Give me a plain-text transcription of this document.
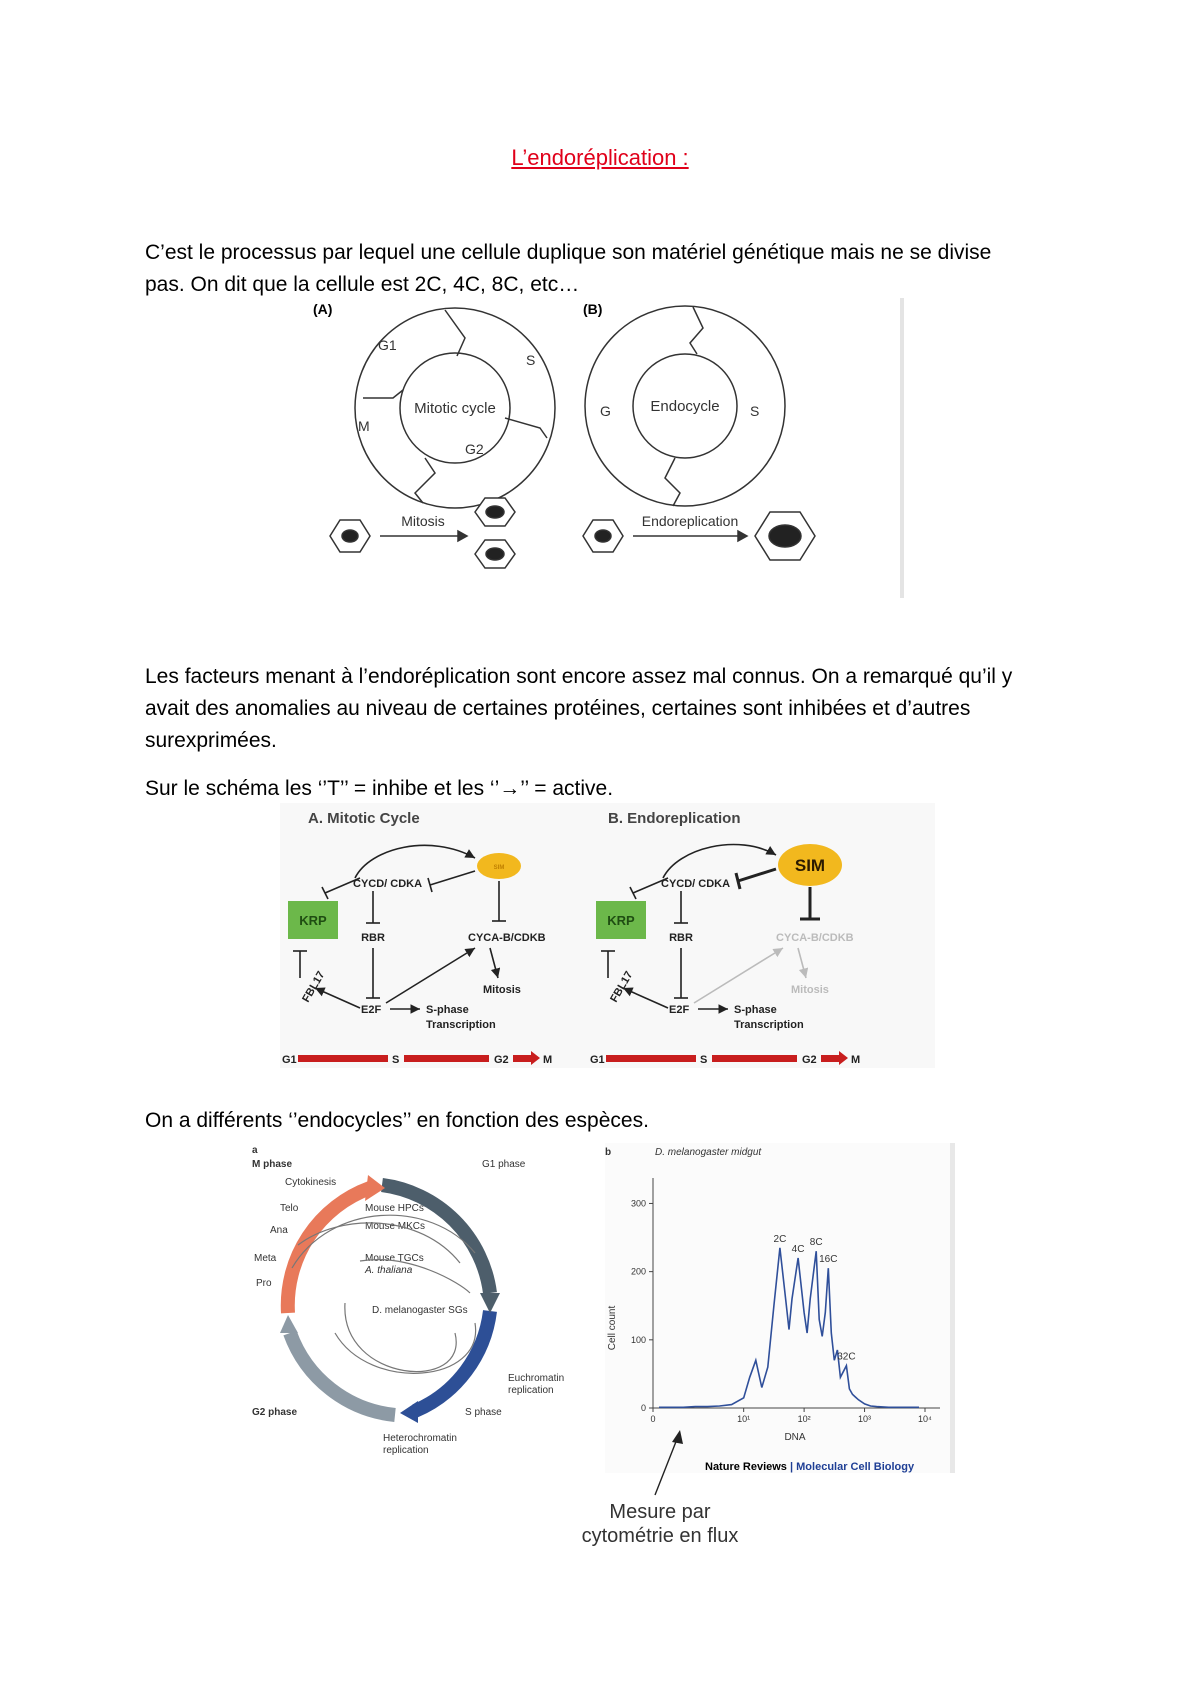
L’endoréplication :
C’est le processus par lequel une cellule duplique son matériel génétique mais ne se divise
pas. On dit que la cellule est 2C, 4C, 8C, etc…
(A)	(B)
Mitotic cycle
G1
S
M
G2
Endocycle
G	S
Mitosis	Endoreplication
Les facteurs menant à l’endoréplication sont encore assez mal connus. On a remarqué qu’il y
avait des anomalies au niveau de certaines protéines, certaines sont inhibées et d’autres
surexprimées.
Sur le schéma les ‘’T’’ = inhibe et les ‘’→’’ = active.
A. Mitotic Cycle
SIM
CYCD/ CDKA
KRP
RBR	CYCA-B/CDKB
Mitosis
FBL17
E2F	S-phase
Transcription
G1	S	G2	M
B. Endoreplication
SIM
CYCD/ CDKA
KRP
RBR	CYCA-B/CDKB
Mitosis
FBL17
E2F	S-phase
Transcription
G1	S	G2	M
On a différents ‘’endocycles’’ en fonction des espèces.
a
M phase	G1 phase
Cytokinesis
Telo
Ana
Meta
Pro
Mouse HPCs
Mouse MKCs
Mouse TGCs
A. thaliana
D. melanogaster SGs
Euchromatin
replication
S phase
G2 phase
Heterochromatin
replication
b	D. melanogaster midgut
Cell count
DNA
0
100
200
300
0	10¹	10²	10³	10⁴
2C
4C
8C
16C
32C
Nature Reviews | Molecular Cell Biology
Mesure par
cytométrie en flux
